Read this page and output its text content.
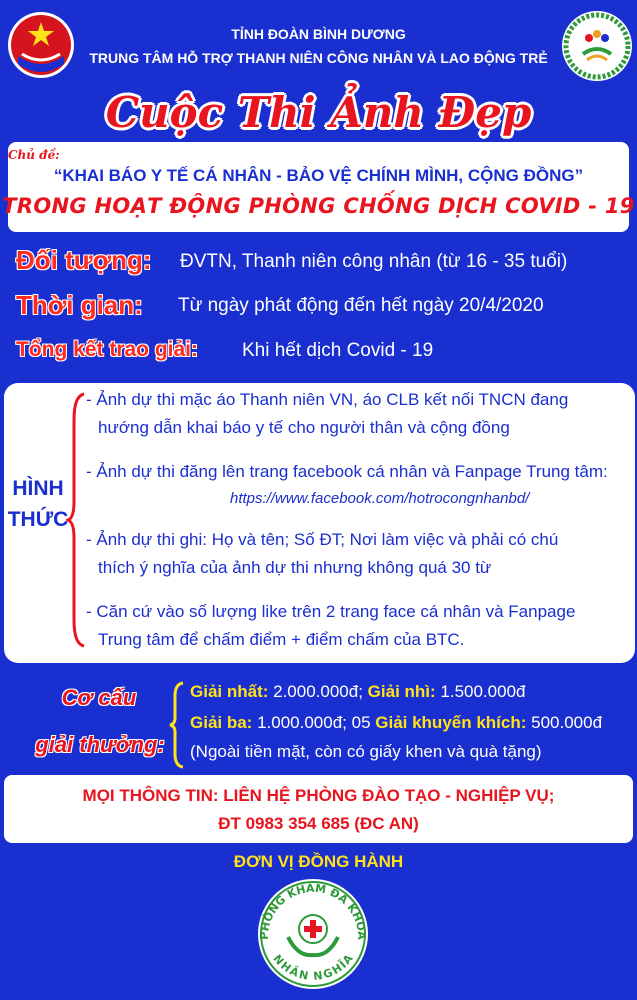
TỈNH ĐOÀN BÌNH DƯƠNG
TRUNG TÂM HỖ TRỢ THANH NIÊN CÔNG NHÂN VÀ LAO ĐỘNG TRẺ
Cuộc Thi Ảnh Đẹp
Chủ đề:
“KHAI BÁO Y TẾ CÁ NHÂN - BẢO VỆ CHÍNH MÌNH, CỘNG ĐỒNG”
TRONG HOẠT ĐỘNG PHÒNG CHỐNG DỊCH COVID - 19
Đối tượng: ĐVTN, Thanh niên công nhân (từ 16 - 35 tuổi)
Thời gian: Từ ngày phát động đến hết ngày 20/4/2020
Tổng kết trao giải: Khi hết dịch Covid - 19
HÌNH
THỨC
- Ảnh dự thi mặc áo Thanh niên VN, áo CLB kết nối TNCN đang
hướng dẫn khai báo y tế cho người thân và cộng đồng
- Ảnh dự thi đăng lên trang facebook cá nhân và Fanpage Trung tâm:
https://www.facebook.com/hotrocongnhanbd/
- Ảnh dự thi ghi: Họ và tên; Số ĐT; Nơi làm việc và phải có chú
thích ý nghĩa của ảnh dự thi nhưng không quá 30 từ
- Căn cứ vào số lượng like trên 2 trang face cá nhân và Fanpage
Trung tâm để chấm điểm + điểm chấm của BTC.
Cơ cấu
giải thưởng:
Giải nhất: 2.000.000đ; Giải nhì: 1.500.000đ
Giải ba: 1.000.000đ; 05 Giải khuyến khích: 500.000đ
(Ngoài tiền mặt, còn có giấy khen và quà tặng)
MỌI THÔNG TIN: LIÊN HỆ PHÒNG ĐÀO TẠO - NGHIỆP VỤ;
ĐT 0983 354 685 (ĐC AN)
ĐƠN VỊ ĐỒNG HÀNH
PHÒNG KHÁM ĐA KHOA
NHÂN NGHĨA
